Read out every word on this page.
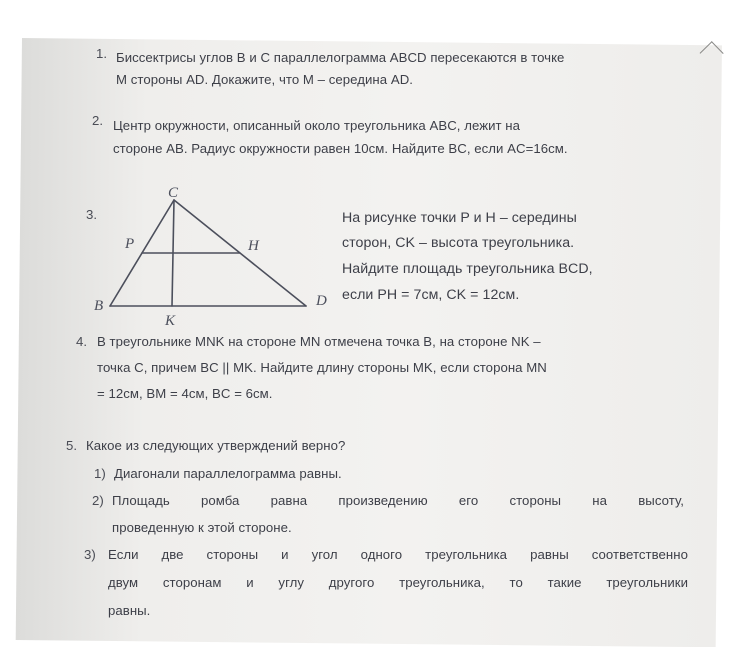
1. Биссектрисы углов B и C параллелограмма ABCD пересекаются в точке
M стороны AD. Докажите, что M – середина AD.
2. Центр окружности, описанный около треугольника ABC, лежит на
стороне AB. Радиус окружности равен 10см. Найдите BC, если AC=16см.
3.
C
P	H
B
K
D
На рисунке точки P и H – середины
сторон, CK – высота треугольника.
Найдите площадь треугольника BCD,
если PH = 7см, CK = 12см.
4. В треугольнике MNK на стороне MN отмечена точка B, на стороне NK –
точка C, причем BC || MK. Найдите длину стороны MK, если сторона MN
= 12см, BM = 4см, BC = 6см.
5. Какое из следующих утверждений верно?
1) Диагонали параллелограмма равны.
2) Площадь ромба равна произведению его стороны на высоту,
проведенную к этой стороне.
3) Если две стороны и угол одного треугольника равны соответственно
двум сторонам и углу другого треугольника, то такие треугольники
равны.
